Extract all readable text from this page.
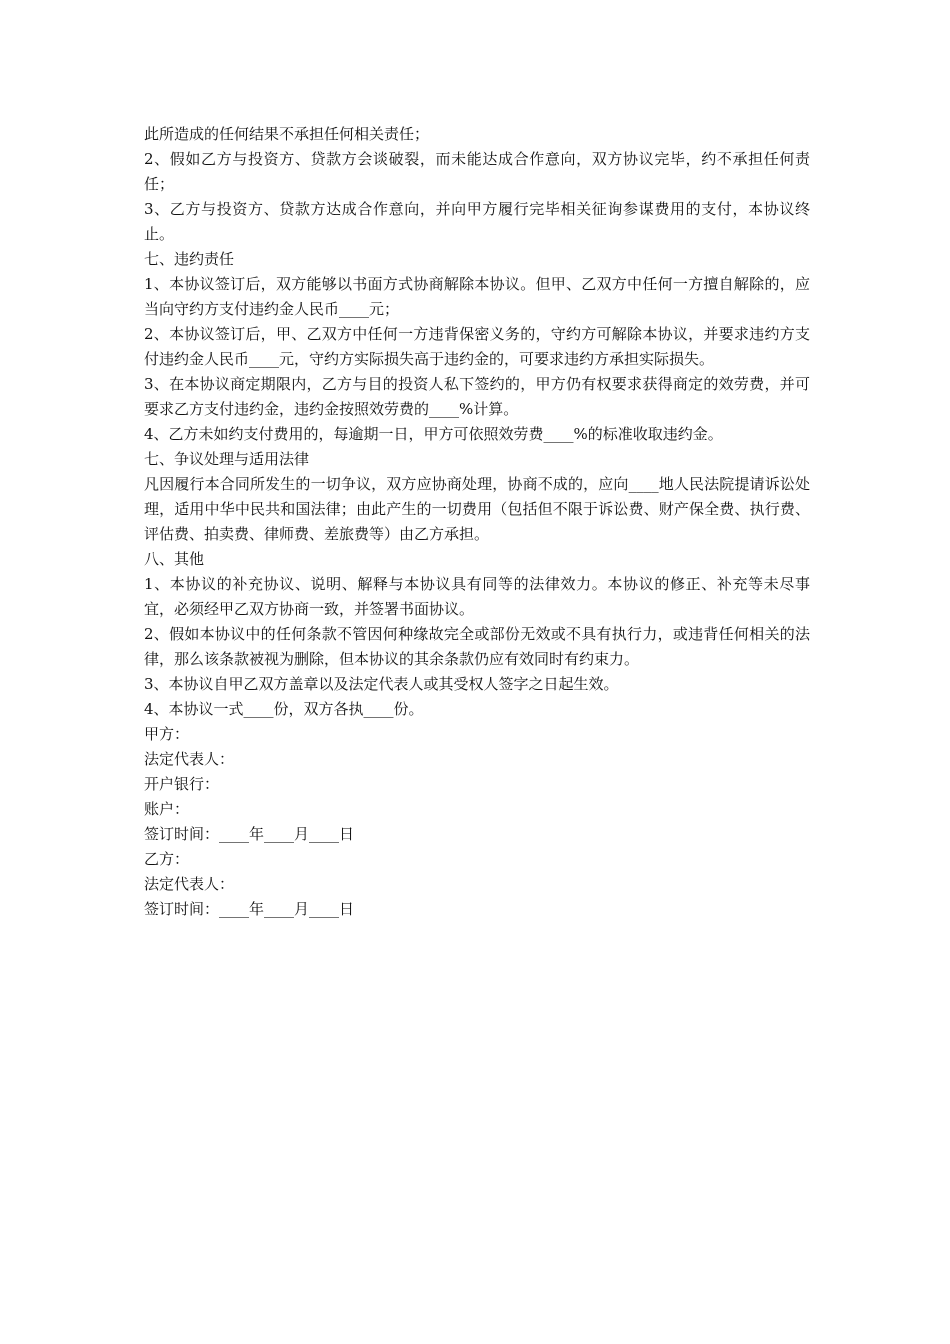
此所造成的任何结果不承担任何相关责任；

2、假如乙方与投资方、贷款方会谈破裂，而未能达成合作意向，双方协议完毕，约不承担任何责任；

3、乙方与投资方、贷款方达成合作意向，并向甲方履行完毕相关征询参谋费用的支付，本协议终止。

七、违约责任

1、本协议签订后，双方能够以书面方式协商解除本协议。但甲、乙双方中任何一方擅自解除的，应当向守约方支付违约金人民币____元；

2、本协议签订后，甲、乙双方中任何一方违背保密义务的，守约方可解除本协议，并要求违约方支付违约金人民币____元，守约方实际损失高于违约金的，可要求违约方承担实际损失。

3、在本协议商定期限内，乙方与目的投资人私下签约的，甲方仍有权要求获得商定的效劳费，并可要求乙方支付违约金，违约金按照效劳费的____%计算。

4、乙方未如约支付费用的，每逾期一日，甲方可依照效劳费____%的标准收取违约金。

七、争议处理与适用法律

凡因履行本合同所发生的一切争议，双方应协商处理，协商不成的，应向____地人民法院提请诉讼处理，适用中华中民共和国法律；由此产生的一切费用（包括但不限于诉讼费、财产保全费、执行费、评估费、拍卖费、律师费、差旅费等）由乙方承担。

八、其他

1、本协议的补充协议、说明、解释与本协议具有同等的法律效力。本协议的修正、补充等未尽事宜，必须经甲乙双方协商一致，并签署书面协议。

2、假如本协议中的任何条款不管因何种缘故完全或部份无效或不具有执行力，或违背任何相关的法律，那么该条款被视为删除，但本协议的其余条款仍应有效同时有约束力。

3、本协议自甲乙双方盖章以及法定代表人或其受权人签字之日起生效。

4、本协议一式____份，双方各执____份。

甲方：

法定代表人：

开户银行：

账户：

签订时间：____年____月____日

乙方：

法定代表人：

签订时间：____年____月____日
